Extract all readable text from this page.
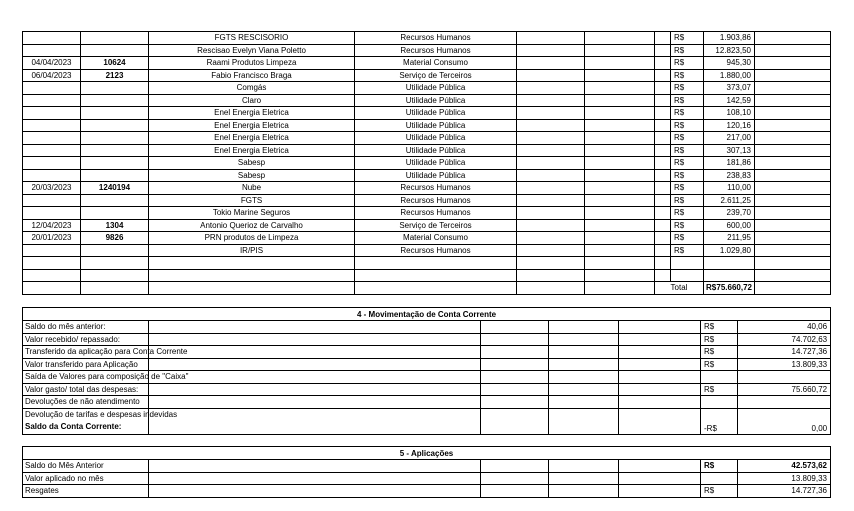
		FGTS RESCISORIO	Recursos Humanos				R$	1.903,86	
		Rescisao Evelyn Viana Poletto	Recursos Humanos				R$	12.823,50	
04/04/2023	10624	Raami Produtos Limpeza	Material Consumo				R$	945,30	
06/04/2023	2123	Fabio Francisco Braga	Serviço de Terceiros				R$	1.880,00	
		Comgás	Utilidade Pública				R$	373,07	
		Claro	Utilidade Pública				R$	142,59	
		Enel Energia Eletrica	Utilidade Pública				R$	108,10	
		Enel Energia Eletrica	Utilidade Pública				R$	120,16	
		Enel Energia Eletrica	Utilidade Pública				R$	217,00	
		Enel Energia Eletrica	Utilidade Pública				R$	307,13	
		Sabesp	Utilidade Pública				R$	181,86	
		Sabesp	Utilidade Pública				R$	238,83	
20/03/2023	1240194	Nube	Recursos Humanos				R$	110,00	
		FGTS	Recursos Humanos				R$	2.611,25	
		Tokio Marine Seguros	Recursos Humanos				R$	239,70	
12/04/2023	1304	Antonio Querioz de Carvalho	Serviço de Terceiros				R$	600,00	
20/01/2023	9826	PRN produtos de Limpeza	Material Consumo				R$	211,95	
		IR/PIS	Recursos Humanos				R$	1.029,80	

						Total		R$ 75.660,72	

4 - Movimentação de Conta Corrente						
Saldo do mês anterior:					R$	40,06
Valor recebido/ repassado:					R$	74.702,63
Transferido da aplicação para Conta Corrente					R$	14.727,36
Valor transferido para Aplicação					R$	13.809,33
Saída de Valores para composição de "Caixa"						
Valor gasto/ total das despesas:					R$	75.660,72
Devoluções de não atendimento						

Devolução de tarifas e despesas indevidas
Saldo da Conta Corrente:					-R$	0,00
5 - Aplicações						
Saldo do Mês Anterior					R$	42.573,62
Valor aplicado no mês						13.809,33
Resgates					R$	14.727,36
